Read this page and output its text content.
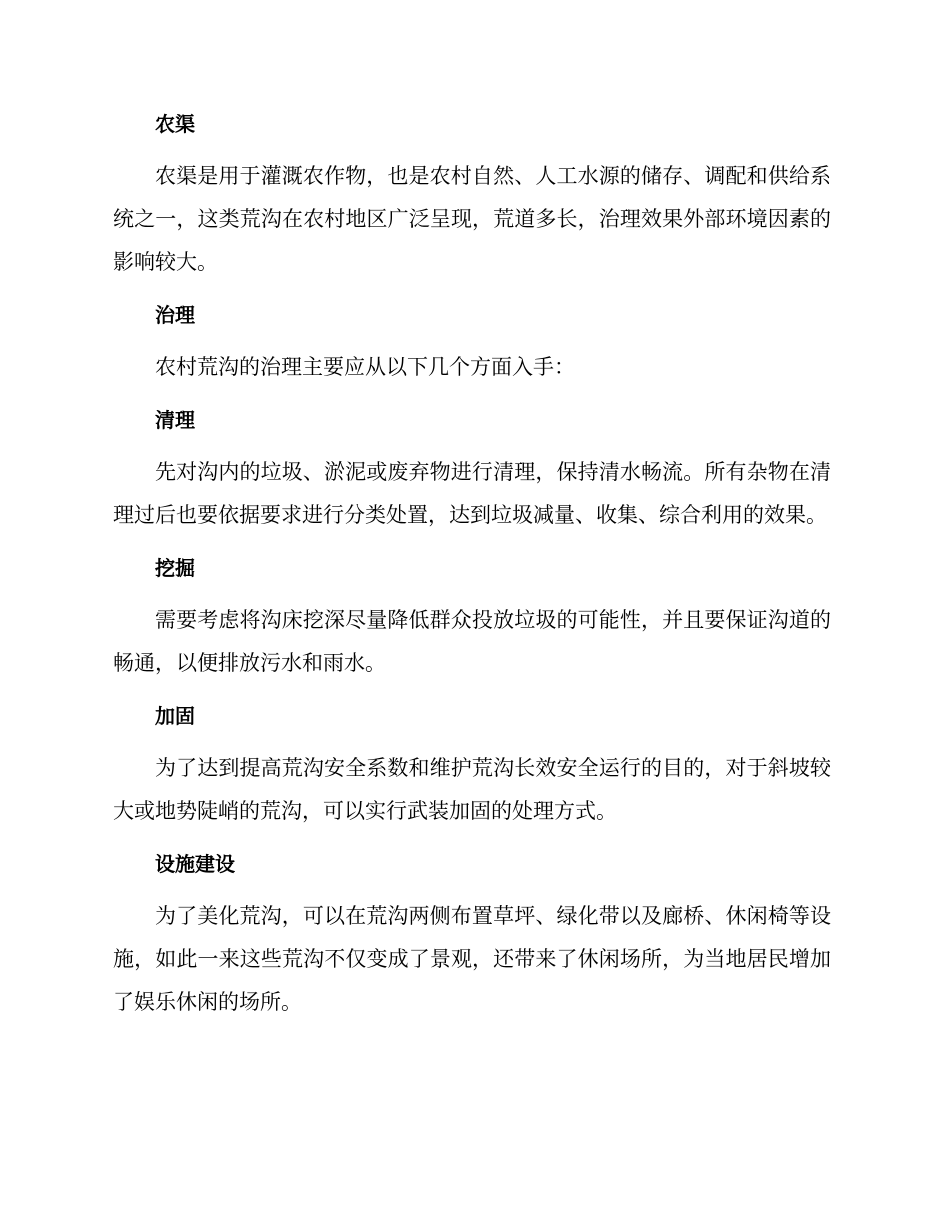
农渠

农渠是用于灌溉农作物，也是农村自然、人工水源的储存、调配和供给系统之一，这类荒沟在农村地区广泛呈现，荒道多长，治理效果外部环境因素的影响较大。

治理

农村荒沟的治理主要应从以下几个方面入手：

清理

先对沟内的垃圾、淤泥或废弃物进行清理，保持清水畅流。所有杂物在清理过后也要依据要求进行分类处置，达到垃圾减量、收集、综合利用的效果。

挖掘

需要考虑将沟床挖深尽量降低群众投放垃圾的可能性，并且要保证沟道的畅通，以便排放污水和雨水。

加固

为了达到提高荒沟安全系数和维护荒沟长效安全运行的目的，对于斜坡较大或地势陡峭的荒沟，可以实行武装加固的处理方式。

设施建设

为了美化荒沟，可以在荒沟两侧布置草坪、绿化带以及廊桥、休闲椅等设施，如此一来这些荒沟不仅变成了景观，还带来了休闲场所，为当地居民增加了娱乐休闲的场所。
